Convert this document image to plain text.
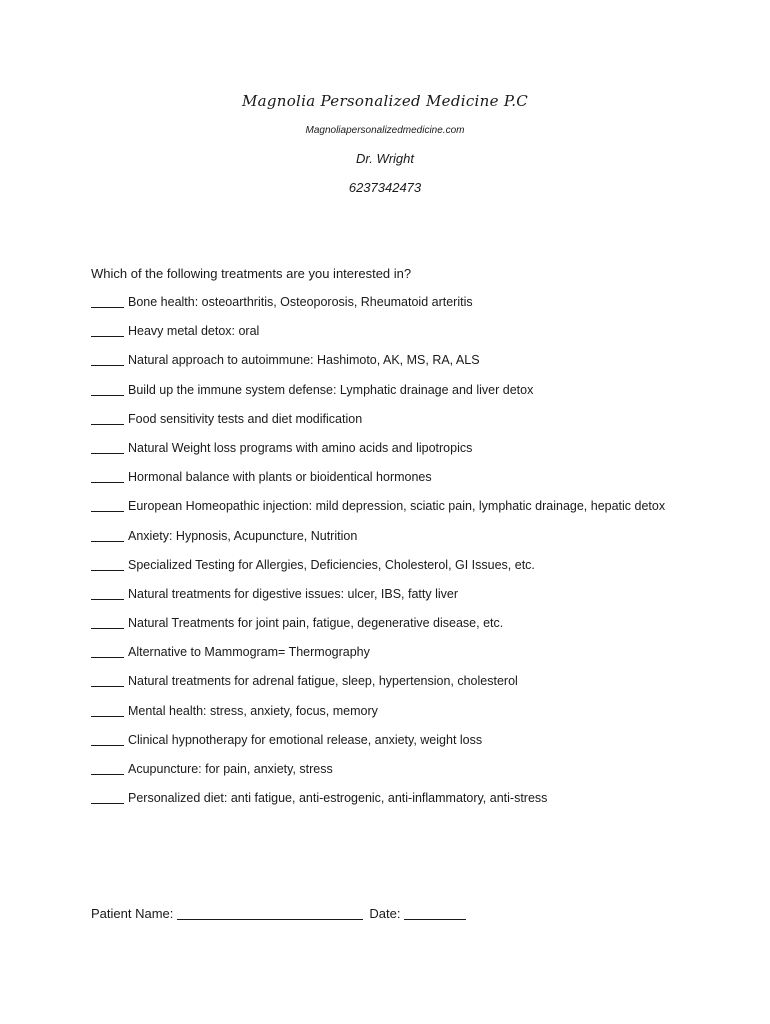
Magnolia Personalized Medicine P.C
Magnoliapersonalizedmedicine.com
Dr. Wright
6237342473
Which of the following treatments are you interested in?
Bone health: osteoarthritis, Osteoporosis, Rheumatoid arteritis
Heavy metal detox: oral
Natural approach to autoimmune: Hashimoto, AK, MS, RA, ALS
Build up the immune system defense: Lymphatic drainage and liver detox
Food sensitivity tests and diet modification
Natural Weight loss programs with amino acids and lipotropics
Hormonal balance with plants or bioidentical hormones
European Homeopathic injection: mild depression, sciatic pain, lymphatic drainage, hepatic detox
Anxiety: Hypnosis, Acupuncture, Nutrition
Specialized Testing for Allergies, Deficiencies, Cholesterol, GI Issues, etc.
Natural treatments for digestive issues: ulcer, IBS, fatty liver
Natural Treatments for joint pain, fatigue, degenerative disease, etc.
Alternative to Mammogram= Thermography
Natural treatments for adrenal fatigue, sleep, hypertension, cholesterol
Mental health: stress, anxiety, focus, memory
Clinical hypnotherapy for emotional release, anxiety, weight loss
Acupuncture: for pain, anxiety, stress
Personalized diet: anti fatigue, anti-estrogenic, anti-inflammatory, anti-stress
Patient Name:	Date:
